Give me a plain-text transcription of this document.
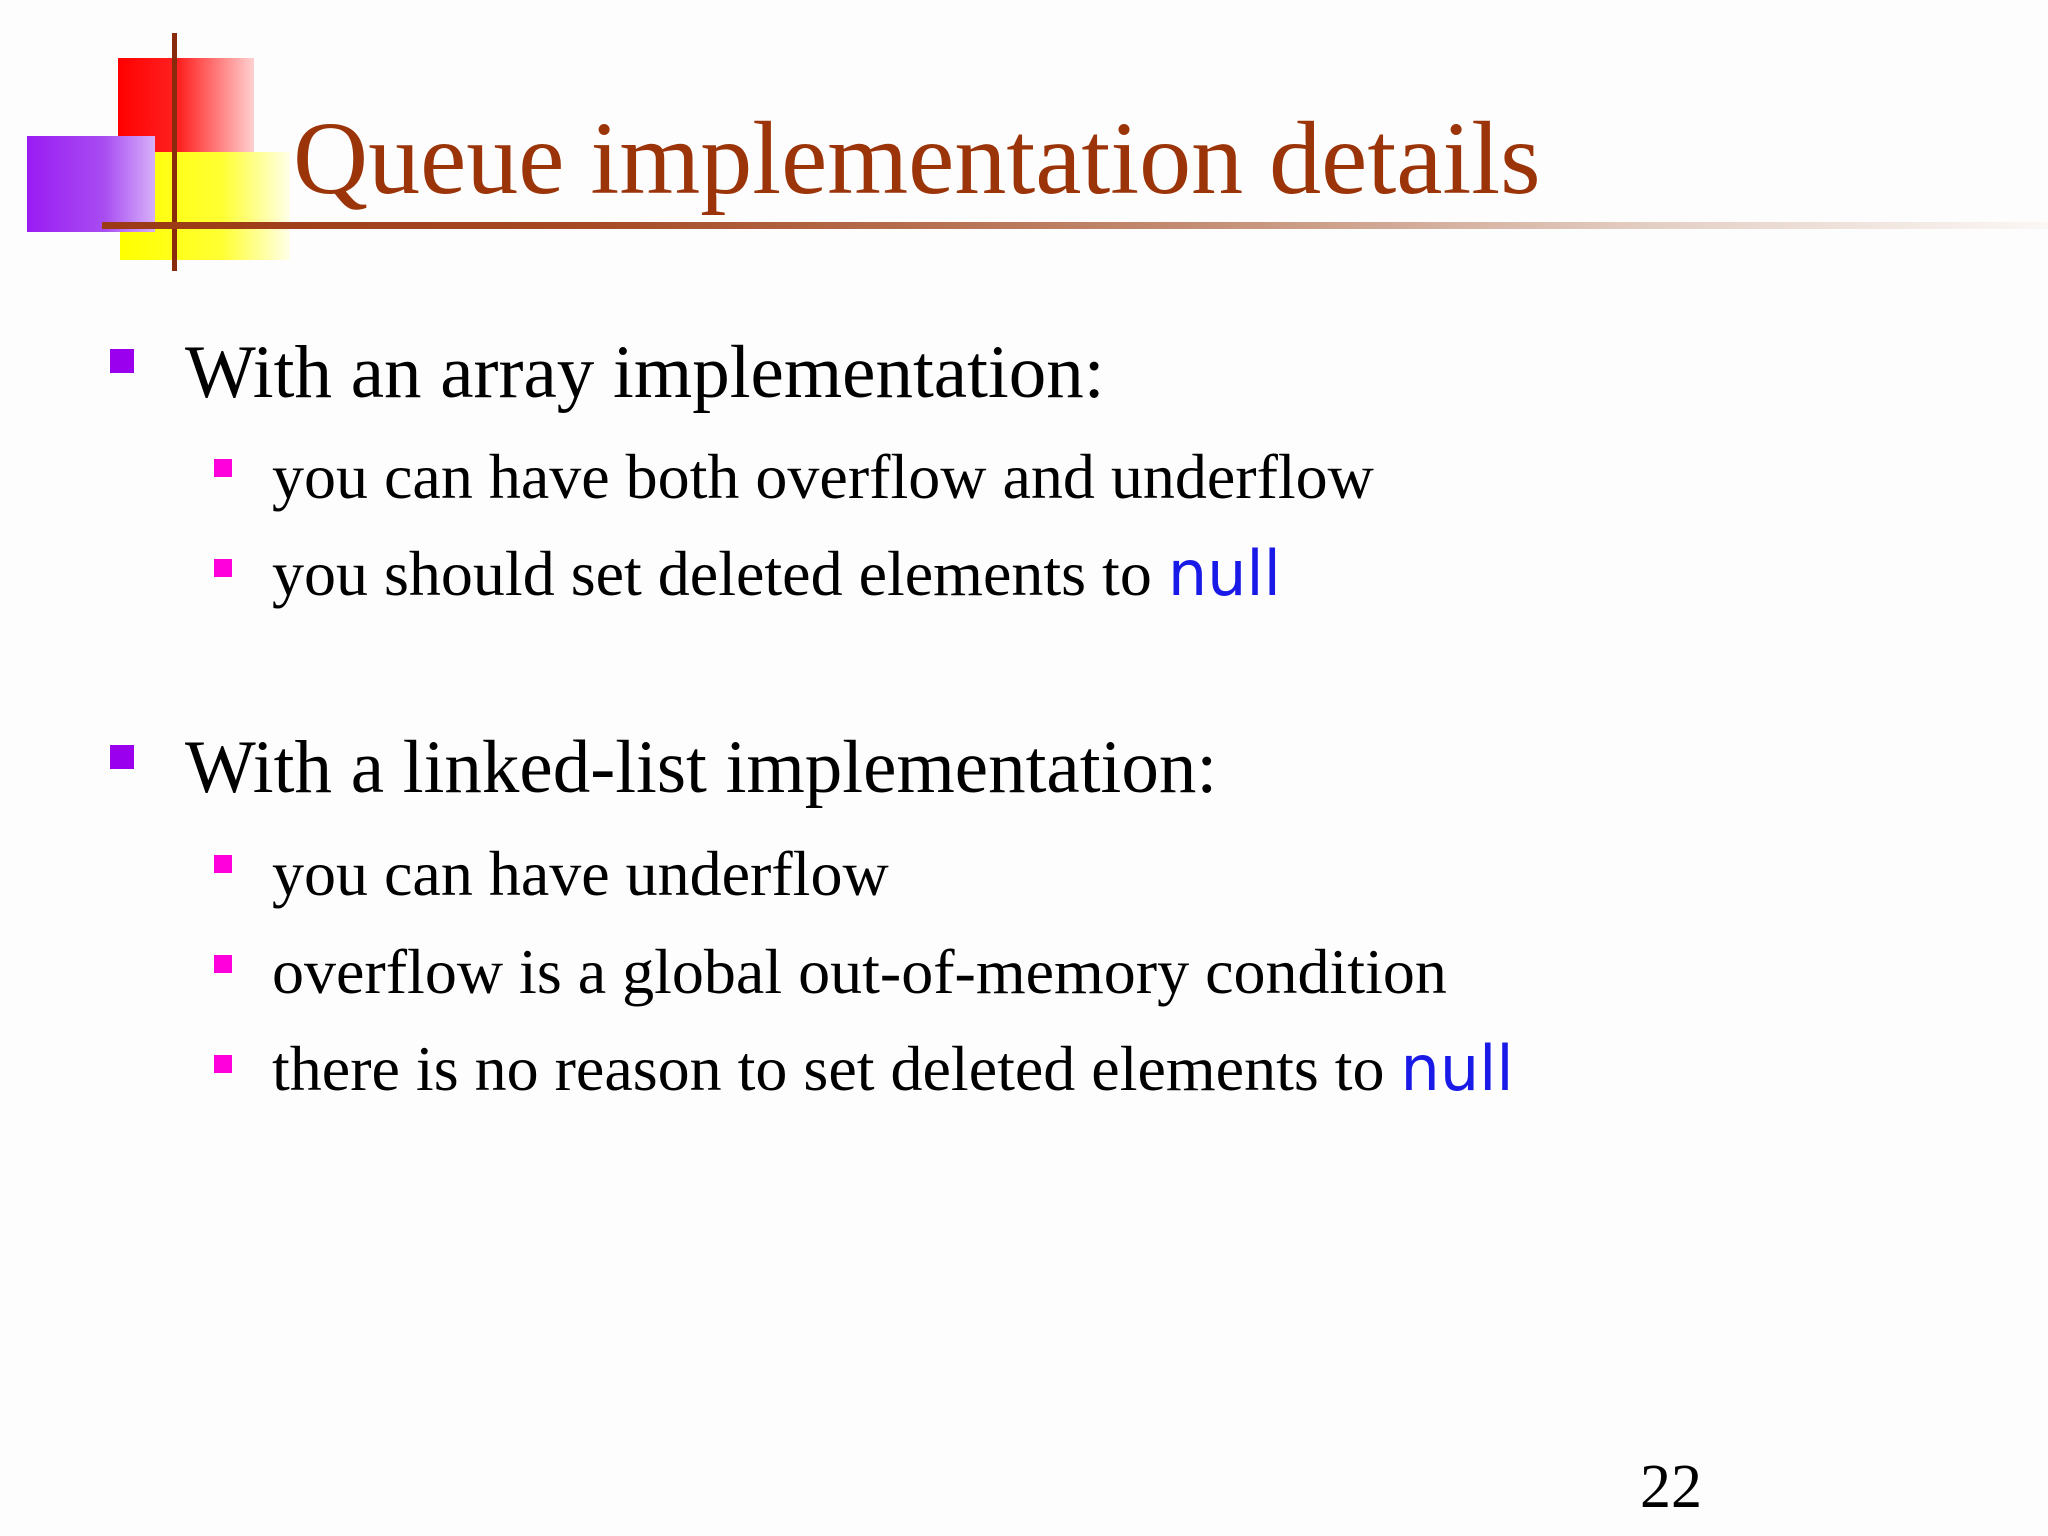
Queue implementation details
With an array implementation:
you can have both overflow and underflow
you should set deleted elements to null
With a linked-list implementation:
you can have underflow
overflow is a global out-of-memory condition
there is no reason to set deleted elements to null
22
